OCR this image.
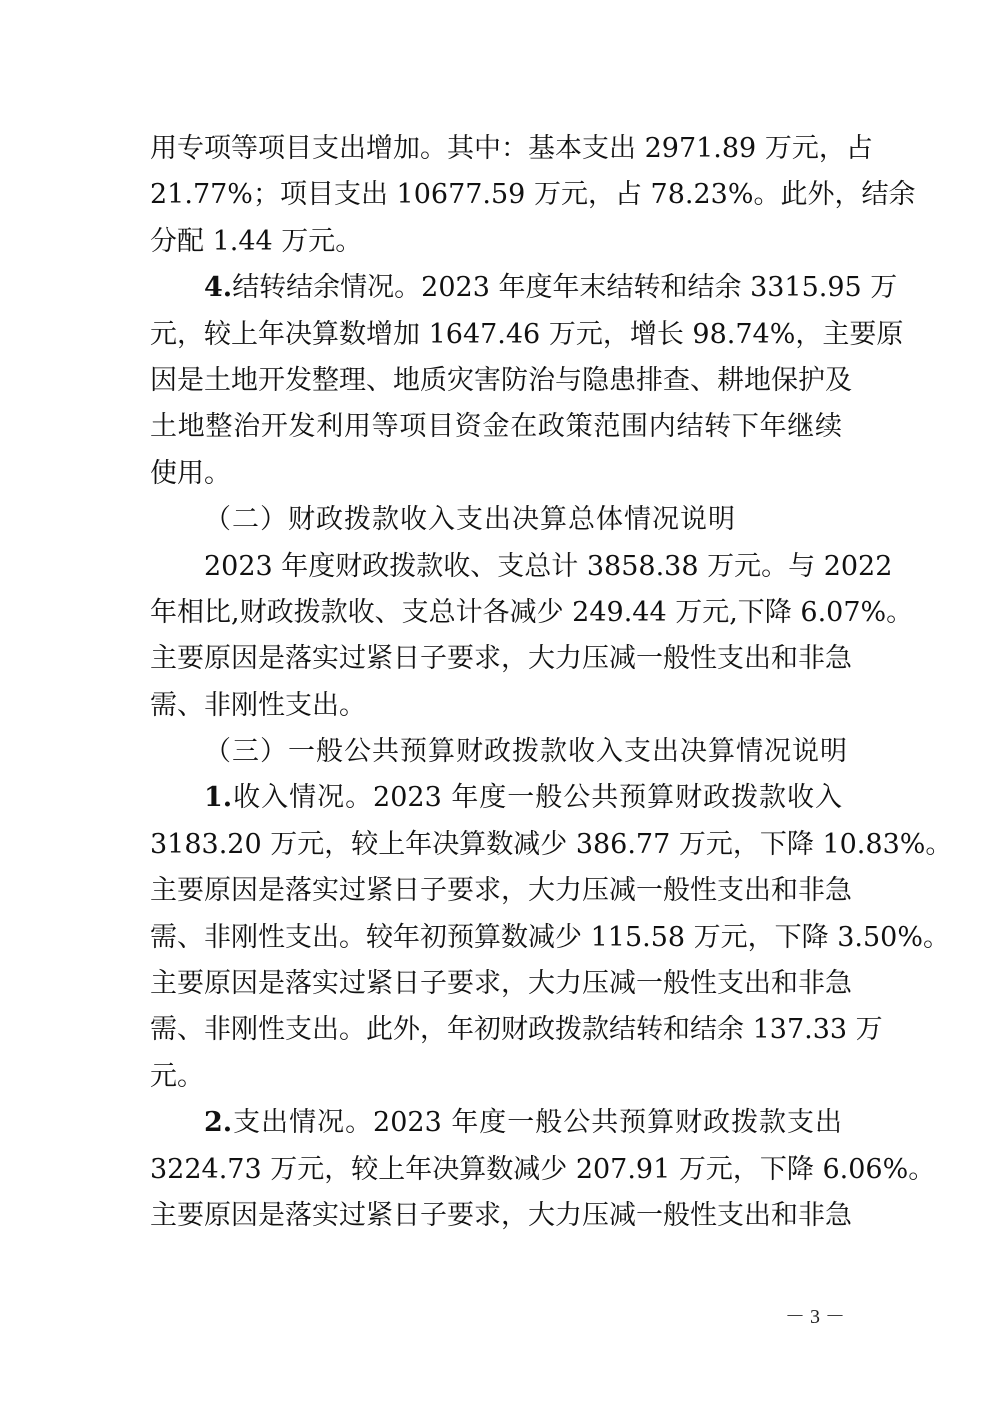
用专项等项目支出增加。其中：基本支出 2971.89 万元，占
21.77%；项目支出 10677.59 万元，占 78.23%。此外，结余
分配 1.44 万元。
4.结转结余情况。2023 年度年末结转和结余 3315.95 万
元，较上年决算数增加 1647.46 万元，增长 98.74%，主要原
因是土地开发整理、地质灾害防治与隐患排查、耕地保护及
土地整治开发利用等项目资金在政策范围内结转下年继续
使用。
（二）财政拨款收入支出决算总体情况说明
2023 年度财政拨款收、支总计 3858.38 万元。与 2022
年相比,财政拨款收、支总计各减少 249.44 万元,下降 6.07%。
主要原因是落实过紧日子要求，大力压减一般性支出和非急
需、非刚性支出。
（三）一般公共预算财政拨款收入支出决算情况说明
1.收入情况。2023 年度一般公共预算财政拨款收入
3183.20 万元，较上年决算数减少 386.77 万元，下降 10.83%。
主要原因是落实过紧日子要求，大力压减一般性支出和非急
需、非刚性支出。较年初预算数减少 115.58 万元，下降 3.50%。
主要原因是落实过紧日子要求，大力压减一般性支出和非急
需、非刚性支出。此外，年初财政拨款结转和结余 137.33 万
元。
2.支出情况。2023 年度一般公共预算财政拨款支出
3224.73 万元，较上年决算数减少 207.91 万元，下降 6.06%。
主要原因是落实过紧日子要求，大力压减一般性支出和非急
－ 3 －
